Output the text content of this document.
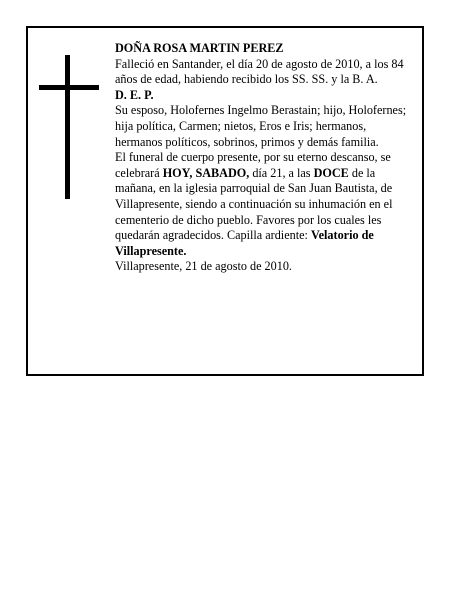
DOÑA ROSA MARTIN PEREZ

Falleció en Santander, el día 20 de agosto de 2010, a los 84 años de edad, habiendo recibido los SS. SS. y la B. A.

D. E. P.

Su esposo, Holofernes Ingelmo Berastain; hijo, Holofernes; hija política, Carmen; nietos, Eros e Iris; hermanos, hermanos políticos, sobrinos, primos y demás familia.

El funeral de cuerpo presente, por su eterno descanso, se celebrará HOY, SABADO, día 21, a las DOCE de la mañana, en la iglesia parroquial de San Juan Bautista, de Villapresente, siendo a continuación su inhumación en el cementerio de dicho pueblo. Favores por los cuales les quedarán agradecidos. Capilla ardiente: Velatorio de Villapresente.

Villapresente, 21 de agosto de 2010.
